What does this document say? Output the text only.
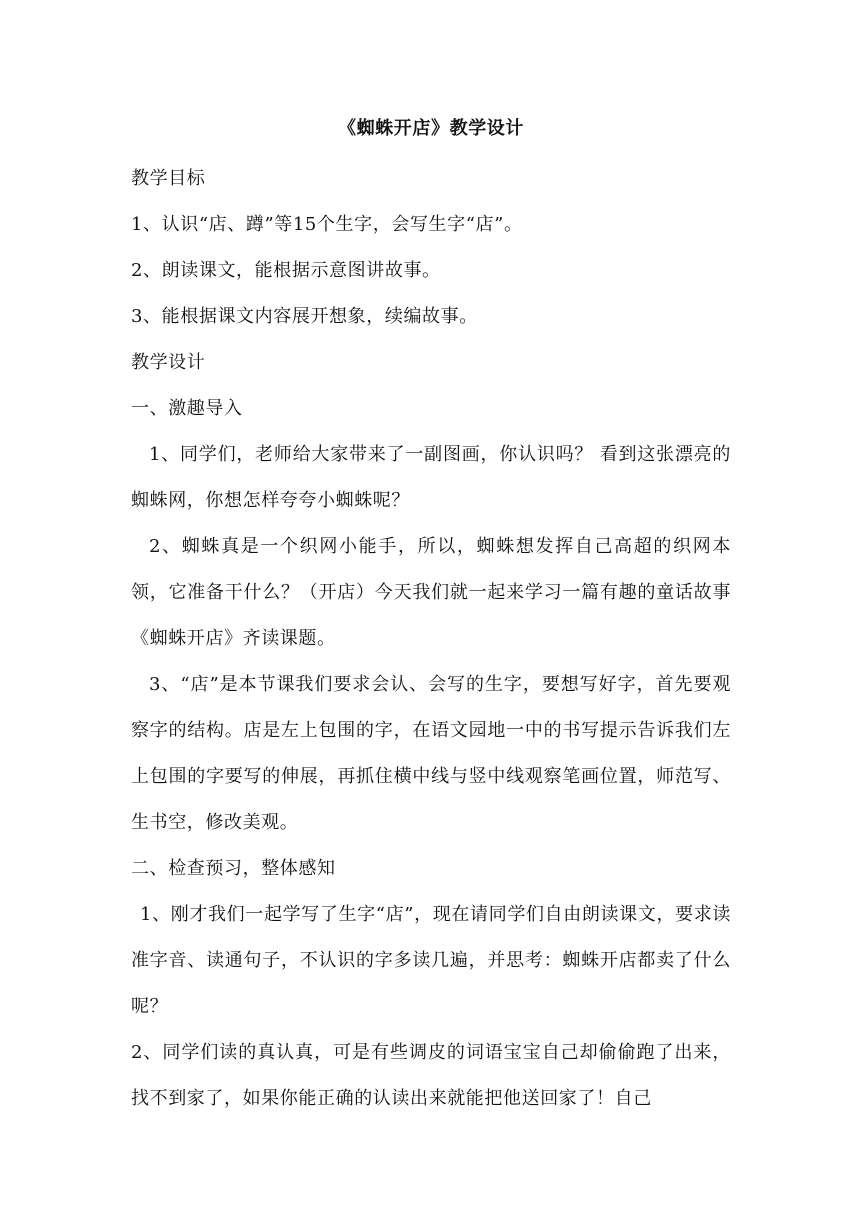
《蜘蛛开店》教学设计

教学目标

1、认识“店、蹲”等15个生字，会写生字“店”。

2、朗读课文，能根据示意图讲故事。

3、能根据课文内容展开想象，续编故事。

教学设计

一、激趣导入

1、同学们，老师给大家带来了一副图画，你认识吗？ 看到这张漂亮的蜘蛛网，你想怎样夸夸小蜘蛛呢？

2、蜘蛛真是一个织网小能手，所以，蜘蛛想发挥自己高超的织网本领，它准备干什么？（开店）今天我们就一起来学习一篇有趣的童话故事《蜘蛛开店》齐读课题。

3、“店”是本节课我们要求会认、会写的生字，要想写好字，首先要观察字的结构。店是左上包围的字，在语文园地一中的书写提示告诉我们左上包围的字要写的伸展，再抓住横中线与竖中线观察笔画位置，师范写、生书空，修改美观。

二、检查预习，整体感知

1、刚才我们一起学写了生字“店”，现在请同学们自由朗读课文，要求读准字音、读通句子，不认识的字多读几遍，并思考：蜘蛛开店都卖了什么呢？

2、同学们读的真认真，可是有些调皮的词语宝宝自己却偷偷跑了出来，找不到家了，如果你能正确的认读出来就能把他送回家了！自己
